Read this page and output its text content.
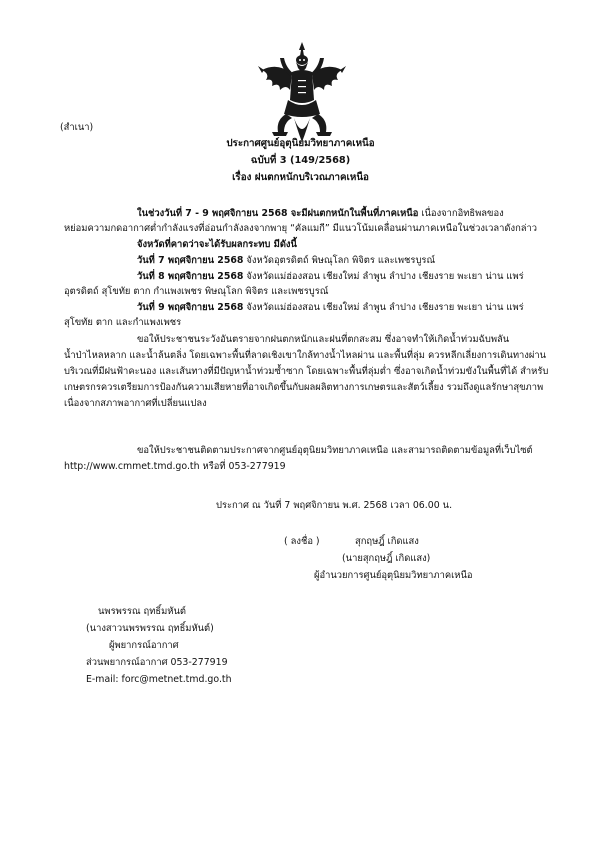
(สำเนา)
ประกาศศูนย์อุตุนิยมวิทยาภาคเหนือ
ฉบับที่ 3 (149/2568)
เรื่อง ฝนตกหนักบริเวณภาคเหนือ
ในช่วงวันที่ 7 - 9 พฤศจิกายน 2568 จะมีฝนตกหนักในพื้นที่ภาคเหนือ เนื่องจากอิทธิพลของ
หย่อมความกดอากาศต่ำกำลังแรงที่อ่อนกำลังลงจากพายุ “คัลแมกี” มีแนวโน้มเคลื่อนผ่านภาคเหนือในช่วงเวลาดังกล่าว
จังหวัดที่คาดว่าจะได้รับผลกระทบ มีดังนี้
วันที่ 7 พฤศจิกายน 2568 จังหวัดอุตรดิตถ์ พิษณุโลก พิจิตร และเพชรบูรณ์
วันที่ 8 พฤศจิกายน 2568 จังหวัดแม่ฮ่องสอน เชียงใหม่ ลำพูน ลำปาง เชียงราย พะเยา น่าน แพร่
อุตรดิตถ์ สุโขทัย ตาก กำแพงเพชร พิษณุโลก พิจิตร และเพชรบูรณ์
วันที่ 9 พฤศจิกายน 2568 จังหวัดแม่ฮ่องสอน เชียงใหม่ ลำพูน ลำปาง เชียงราย พะเยา น่าน แพร่
สุโขทัย ตาก และกำแพงเพชร
ขอให้ประชาชนระวังอันตรายจากฝนตกหนักและฝนที่ตกสะสม ซึ่งอาจทำให้เกิดน้ำท่วมฉับพลัน
น้ำป่าไหลหลาก และน้ำล้นตลิ่ง โดยเฉพาะพื้นที่ลาดเชิงเขาใกล้ทางน้ำไหลผ่าน และพื้นที่ลุ่ม ควรหลีกเลี่ยงการเดินทางผ่าน
บริเวณที่มีฝนฟ้าคะนอง และเส้นทางที่มีปัญหาน้ำท่วมซ้ำซาก โดยเฉพาะพื้นที่ลุ่มต่ำ ซึ่งอาจเกิดน้ำท่วมขังในพื้นที่ได้ สำหรับ
เกษตรกรควรเตรียมการป้องกันความเสียหายที่อาจเกิดขึ้นกับผลผลิตทางการเกษตรและสัตว์เลี้ยง รวมถึงดูแลรักษาสุขภาพ
เนื่องจากสภาพอากาศที่เปลี่ยนแปลง
ขอให้ประชาชนติดตามประกาศจากศูนย์อุตุนิยมวิทยาภาคเหนือ และสามารถติดตามข้อมูลที่เว็บไซต์
http://www.cmmet.tmd.go.th หรือที่ 053-277919
ประกาศ ณ วันที่ 7 พฤศจิกายน พ.ศ. 2568 เวลา 06.00 น.
( ลงชื่อ )	สุกฤษฎิ์ เกิดแสง
(นายสุกฤษฎิ์ เกิดแสง)
ผู้อำนวยการศูนย์อุตุนิยมวิทยาภาคเหนือ
นพรพรรณ ฤทธิ์มหันต์
(นางสาวนพรพรรณ ฤทธิ์มหันต์)
ผู้พยากรณ์อากาศ
ส่วนพยากรณ์อากาศ 053-277919
E-mail: forc@metnet.tmd.go.th
